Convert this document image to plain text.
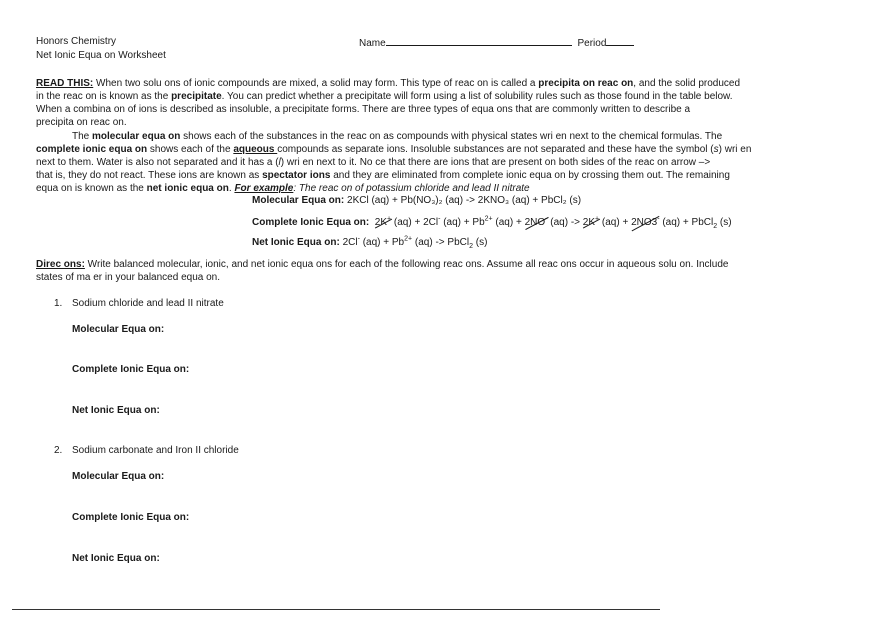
Honors Chemistry
Net Ionic Equa on Worksheet
Name	Period
READ THIS: When two solu ons of ionic compounds are mixed, a solid may form. This type of reac on is called a precipita on reac on, and the solid produced
in the reac on is known as the precipitate. You can predict whether a precipitate will form using a list of solubility rules such as those found in the table below.
When a combina on of ions is described as insoluble, a precipitate forms. There are three types of equa ons that are commonly written to describe a
precipita on reac on.
The molecular equa on shows each of the substances in the reac on as compounds with physical states wri en next to the chemical formulas. The
complete ionic equa on shows each of the aqueous compounds as separate ions. Insoluble substances are not separated and these have the symbol (s) wri en
next to them. Water is also not separated and it has a (l) wri en next to it. No ce that there are ions that are present on both sides of the reac on arrow –>
that is, they do not react. These ions are known as spectator ions and they are eliminated from complete ionic equa on by crossing them out. The remaining
equa on is known as the net ionic equa on. For example: The reac on of potassium chloride and lead II nitrate
Molecular Equa on: 2KCl (aq) + Pb(NO₃)₂ (aq) -> 2KNO₃ (aq) + PbCl₂ (s)
Complete Ionic Equa on: 2K+ (aq) + 2Cl- $(aq) + Pb^{2+}$ (aq) + 2NO- (aq) -> 2K+ (aq) + 2NO3- (aq) + PbCl$_2$ (s)
Net Ionic Equa on: 2Cl- $(aq) + Pb^{2+}$ (aq) -> PbCl$_2$ (s)
Direc ons: Write balanced molecular, ionic, and net ionic equa ons for each of the following reac ons. Assume all reac ons occur in aqueous solu on. Include
states of ma er in your balanced equa on.
1. Sodium chloride and lead II nitrate
Molecular Equa on:
Complete Ionic Equa on:
Net Ionic Equa on:
2. Sodium carbonate and Iron II chloride
Molecular Equa on:
Complete Ionic Equa on:
Net Ionic Equa on:
